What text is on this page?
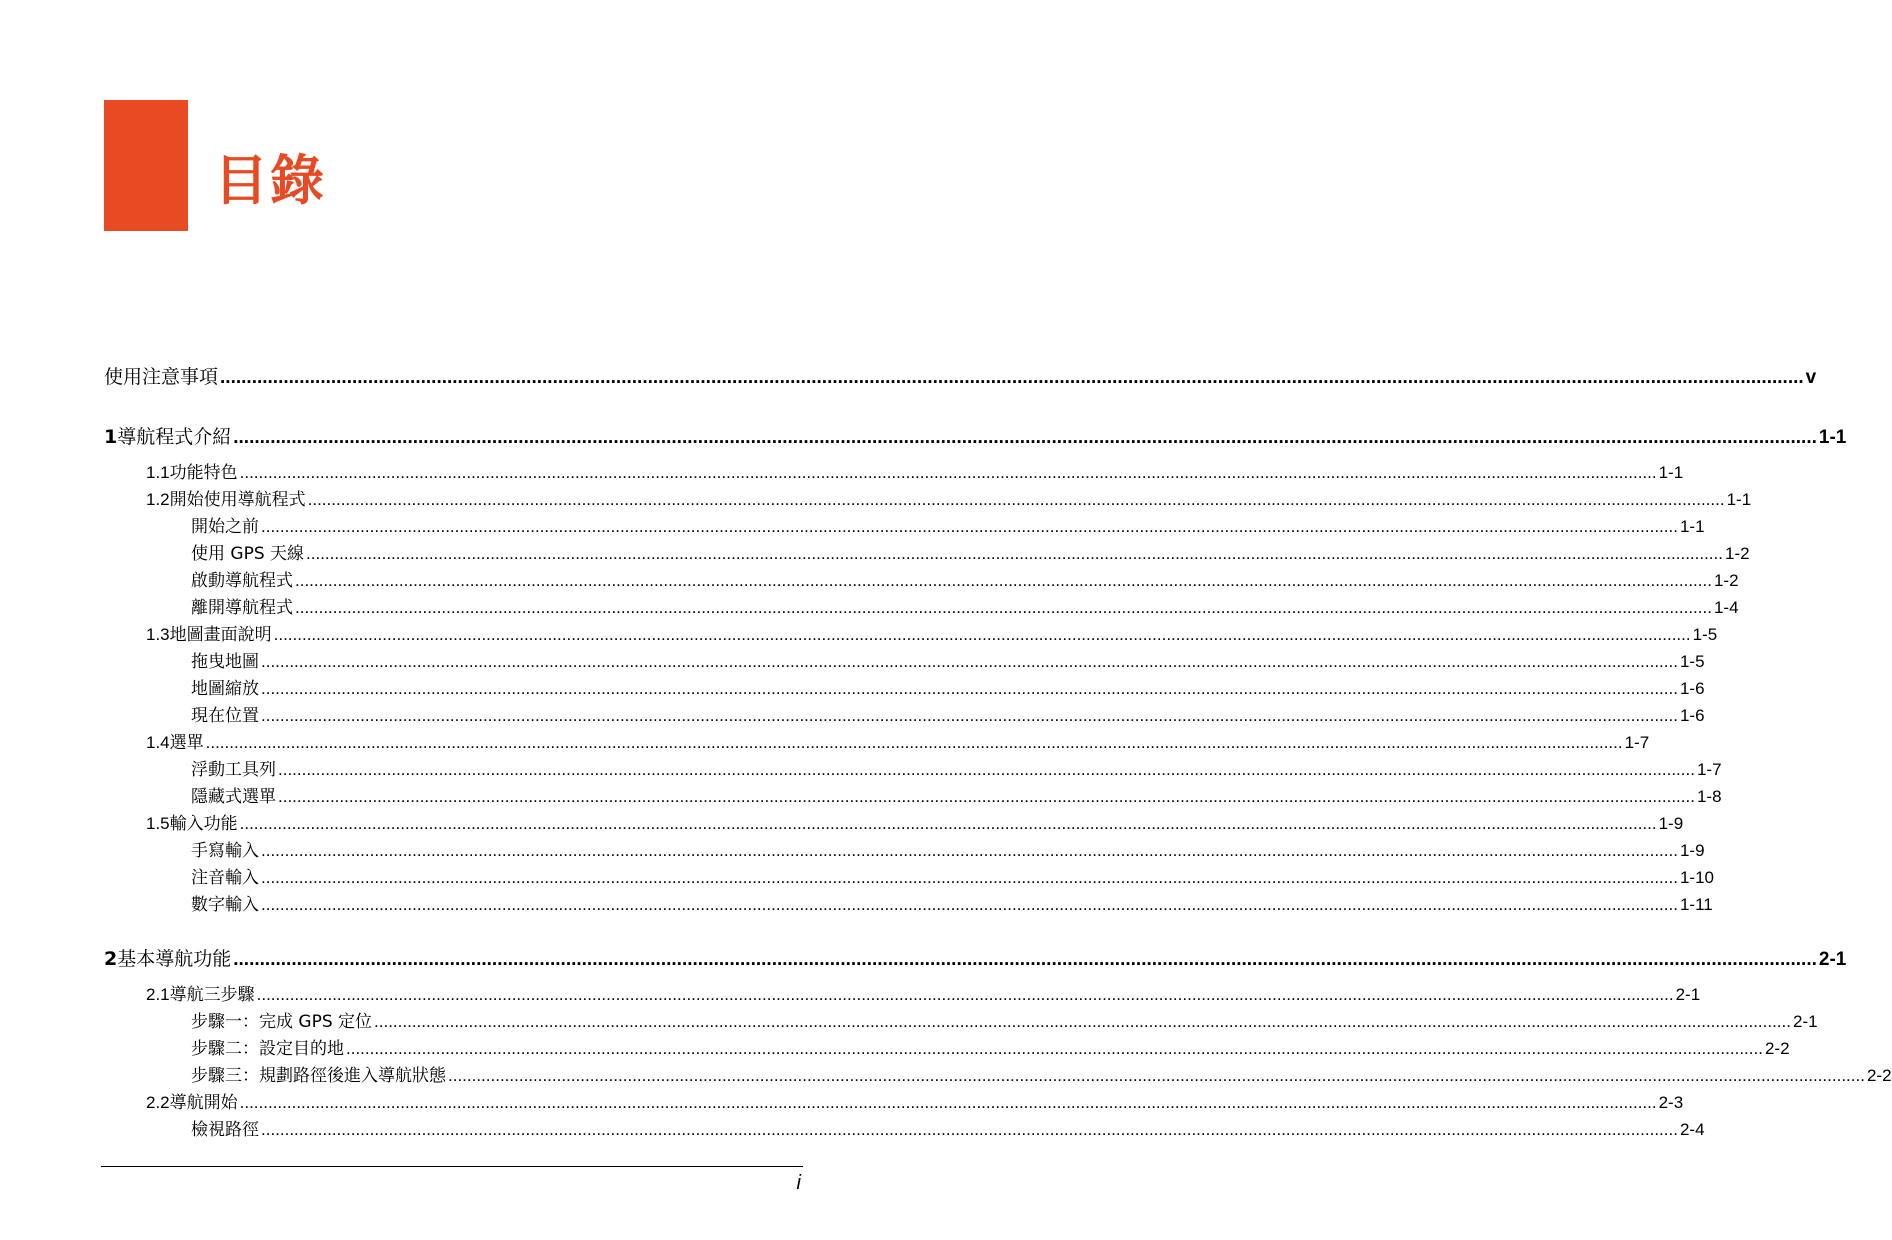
目錄
使用注意事項 ............................................................................................................................................................................................................................................................................................................ v
1 導航程式介紹 ............................................................................................................................................................................................................................................................................................................ 1-1
1.1 功能特色 ............................................................................................................................................................................................................................................................................................................ 1-1
1.2 開始使用導航程式 ............................................................................................................................................................................................................................................................................................................ 1-1
開始之前 ............................................................................................................................................................................................................................................................................................................ 1-1
使用 GPS 天線 ............................................................................................................................................................................................................................................................................................................ 1-2
啟動導航程式 ............................................................................................................................................................................................................................................................................................................ 1-2
離開導航程式 ............................................................................................................................................................................................................................................................................................................ 1-4
1.3 地圖畫面說明 ............................................................................................................................................................................................................................................................................................................ 1-5
拖曳地圖 ............................................................................................................................................................................................................................................................................................................ 1-5
地圖縮放 ............................................................................................................................................................................................................................................................................................................ 1-6
現在位置 ............................................................................................................................................................................................................................................................................................................ 1-6
1.4 選單 ............................................................................................................................................................................................................................................................................................................ 1-7
浮動工具列 ............................................................................................................................................................................................................................................................................................................ 1-7
隱藏式選單 ............................................................................................................................................................................................................................................................................................................ 1-8
1.5 輸入功能 ............................................................................................................................................................................................................................................................................................................ 1-9
手寫輸入 ............................................................................................................................................................................................................................................................................................................ 1-9
注音輸入 ............................................................................................................................................................................................................................................................................................................ 1-10
數字輸入 ............................................................................................................................................................................................................................................................................................................ 1-11
2 基本導航功能 ............................................................................................................................................................................................................................................................................................................ 2-1
2.1 導航三步驟 ............................................................................................................................................................................................................................................................................................................ 2-1
步驟一：完成 GPS 定位 ............................................................................................................................................................................................................................................................................................................ 2-1
步驟二：設定目的地 ............................................................................................................................................................................................................................................................................................................ 2-2
步驟三：規劃路徑後進入導航狀態 ............................................................................................................................................................................................................................................................................................................ 2-2
2.2 導航開始 ............................................................................................................................................................................................................................................................................................................ 2-3
檢視路徑 ............................................................................................................................................................................................................................................................................................................ 2-4
i
